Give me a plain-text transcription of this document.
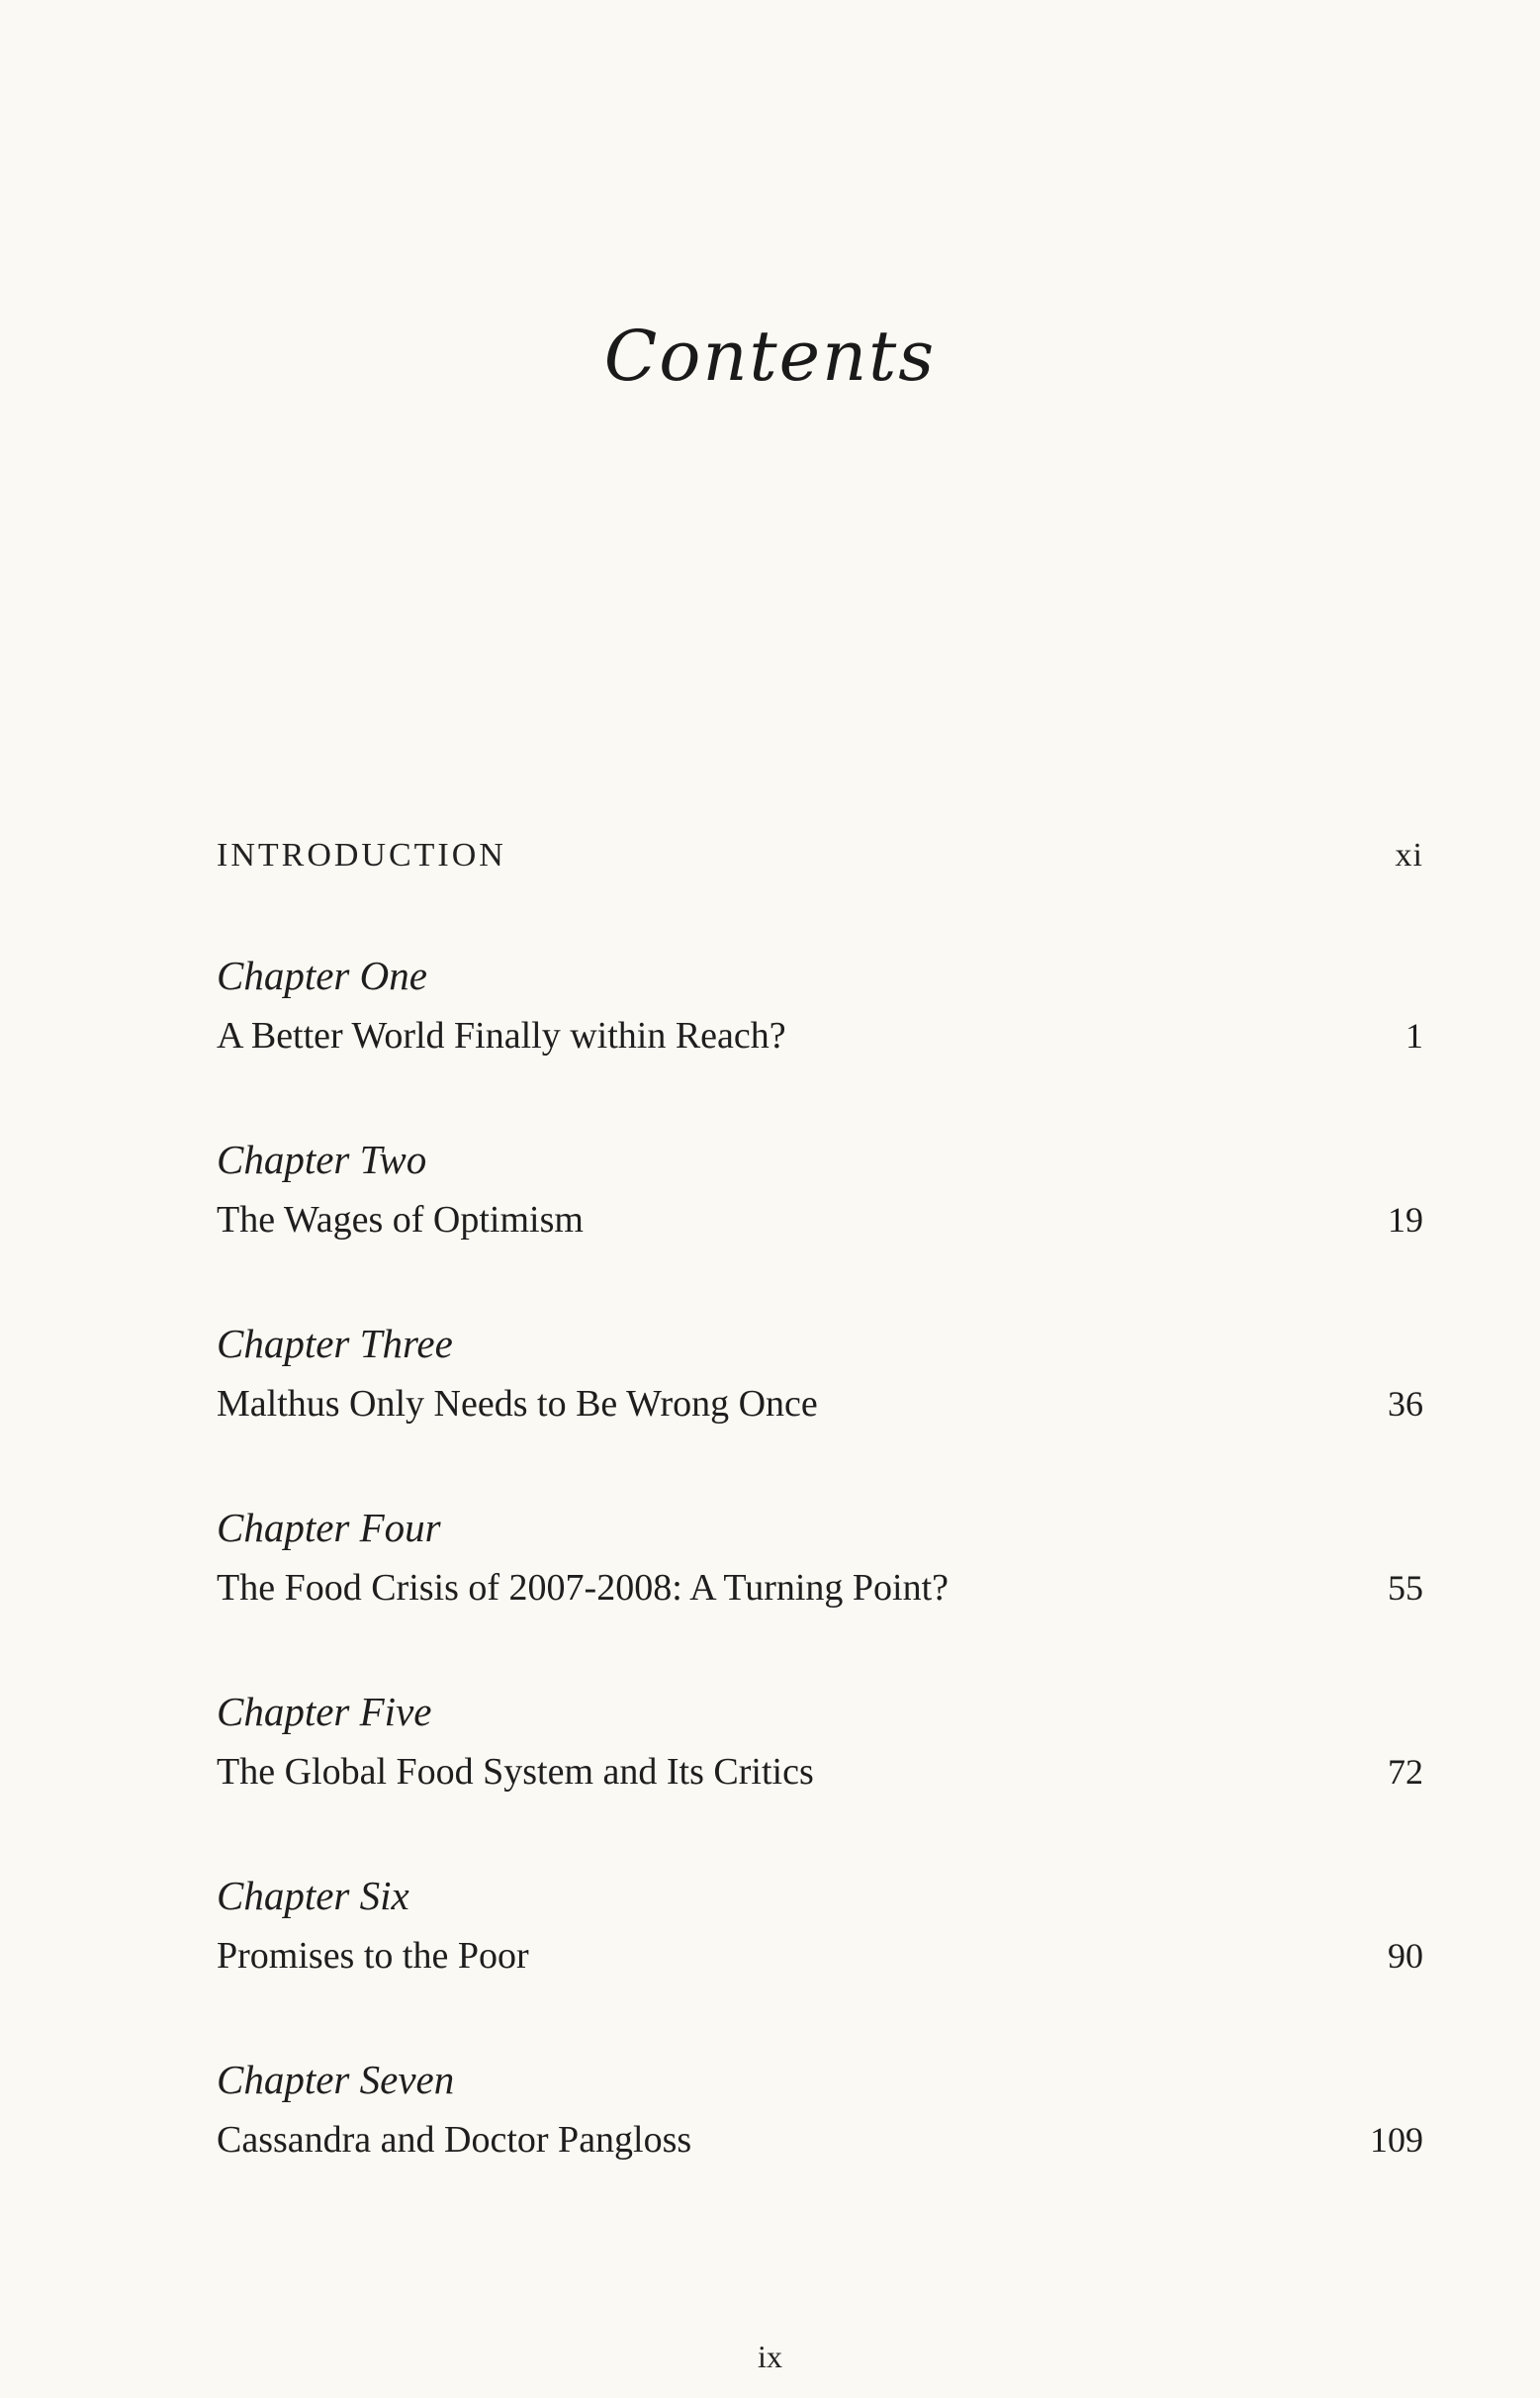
Contents
INTRODUCTION	xi
Chapter One
A Better World Finally within Reach?	1
Chapter Two
The Wages of Optimism	19
Chapter Three
Malthus Only Needs to Be Wrong Once	36
Chapter Four
The Food Crisis of 2007-2008: A Turning Point?	55
Chapter Five
The Global Food System and Its Critics	72
Chapter Six
Promises to the Poor	90
Chapter Seven
Cassandra and Doctor Pangloss	109
ix
